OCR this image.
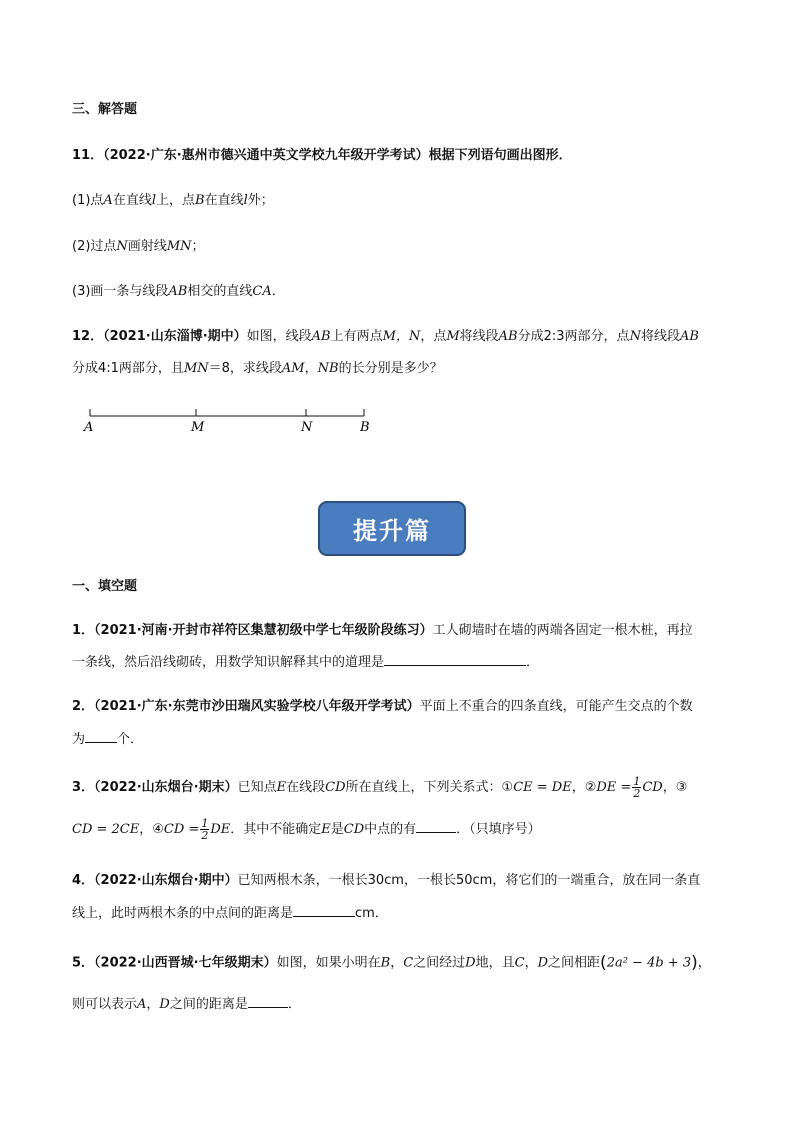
三、解答题
11．（2022·广东·惠州市德兴通中英文学校九年级开学考试）根据下列语句画出图形．
(1)点A在直线l上，点B在直线l外；
(2)过点N画射线MN；
(3)画一条与线段AB相交的直线CA．
12．（2021·山东淄博·期中）如图，线段AB上有两点M，N，点M将线段AB分成2:3两部分，点N将线段AB
分成4:1两部分，且MN＝8，求线段AM，NB的长分别是多少？
A	M	N	B
提升篇
一、填空题
1．（2021·河南·开封市祥符区集慧初级中学七年级阶段练习）工人砌墙时在墙的两端各固定一根木桩，再拉
一条线，然后沿线砌砖，用数学知识解释其中的道理是	．
2．（2021·广东·东莞市沙田瑞风实验学校八年级开学考试）平面上不重合的四条直线，可能产生交点的个数
为 个．
3．（2022·山东烟台·期末）已知点E在线段CD所在直线上，下列关系式：①CE = DE，②DE = $\frac{1}{2}$ CD，③
CD = 2CE，④CD = $\frac{1}{2}$ DE．其中不能确定E是CD中点的有	．（只填序号）
4．（2022·山东烟台·期中）已知两根木条，一根长30cm，一根长50cm，将它们的一端重合，放在同一条直
线上，此时两根木条的中点间的距离是	cm．
5．（2022·山西晋城·七年级期末）如图，如果小明在B，C之间经过D地，且C，D之间相距(2a² − 4b + 3)，
则可以表示A，D之间的距离是	．
